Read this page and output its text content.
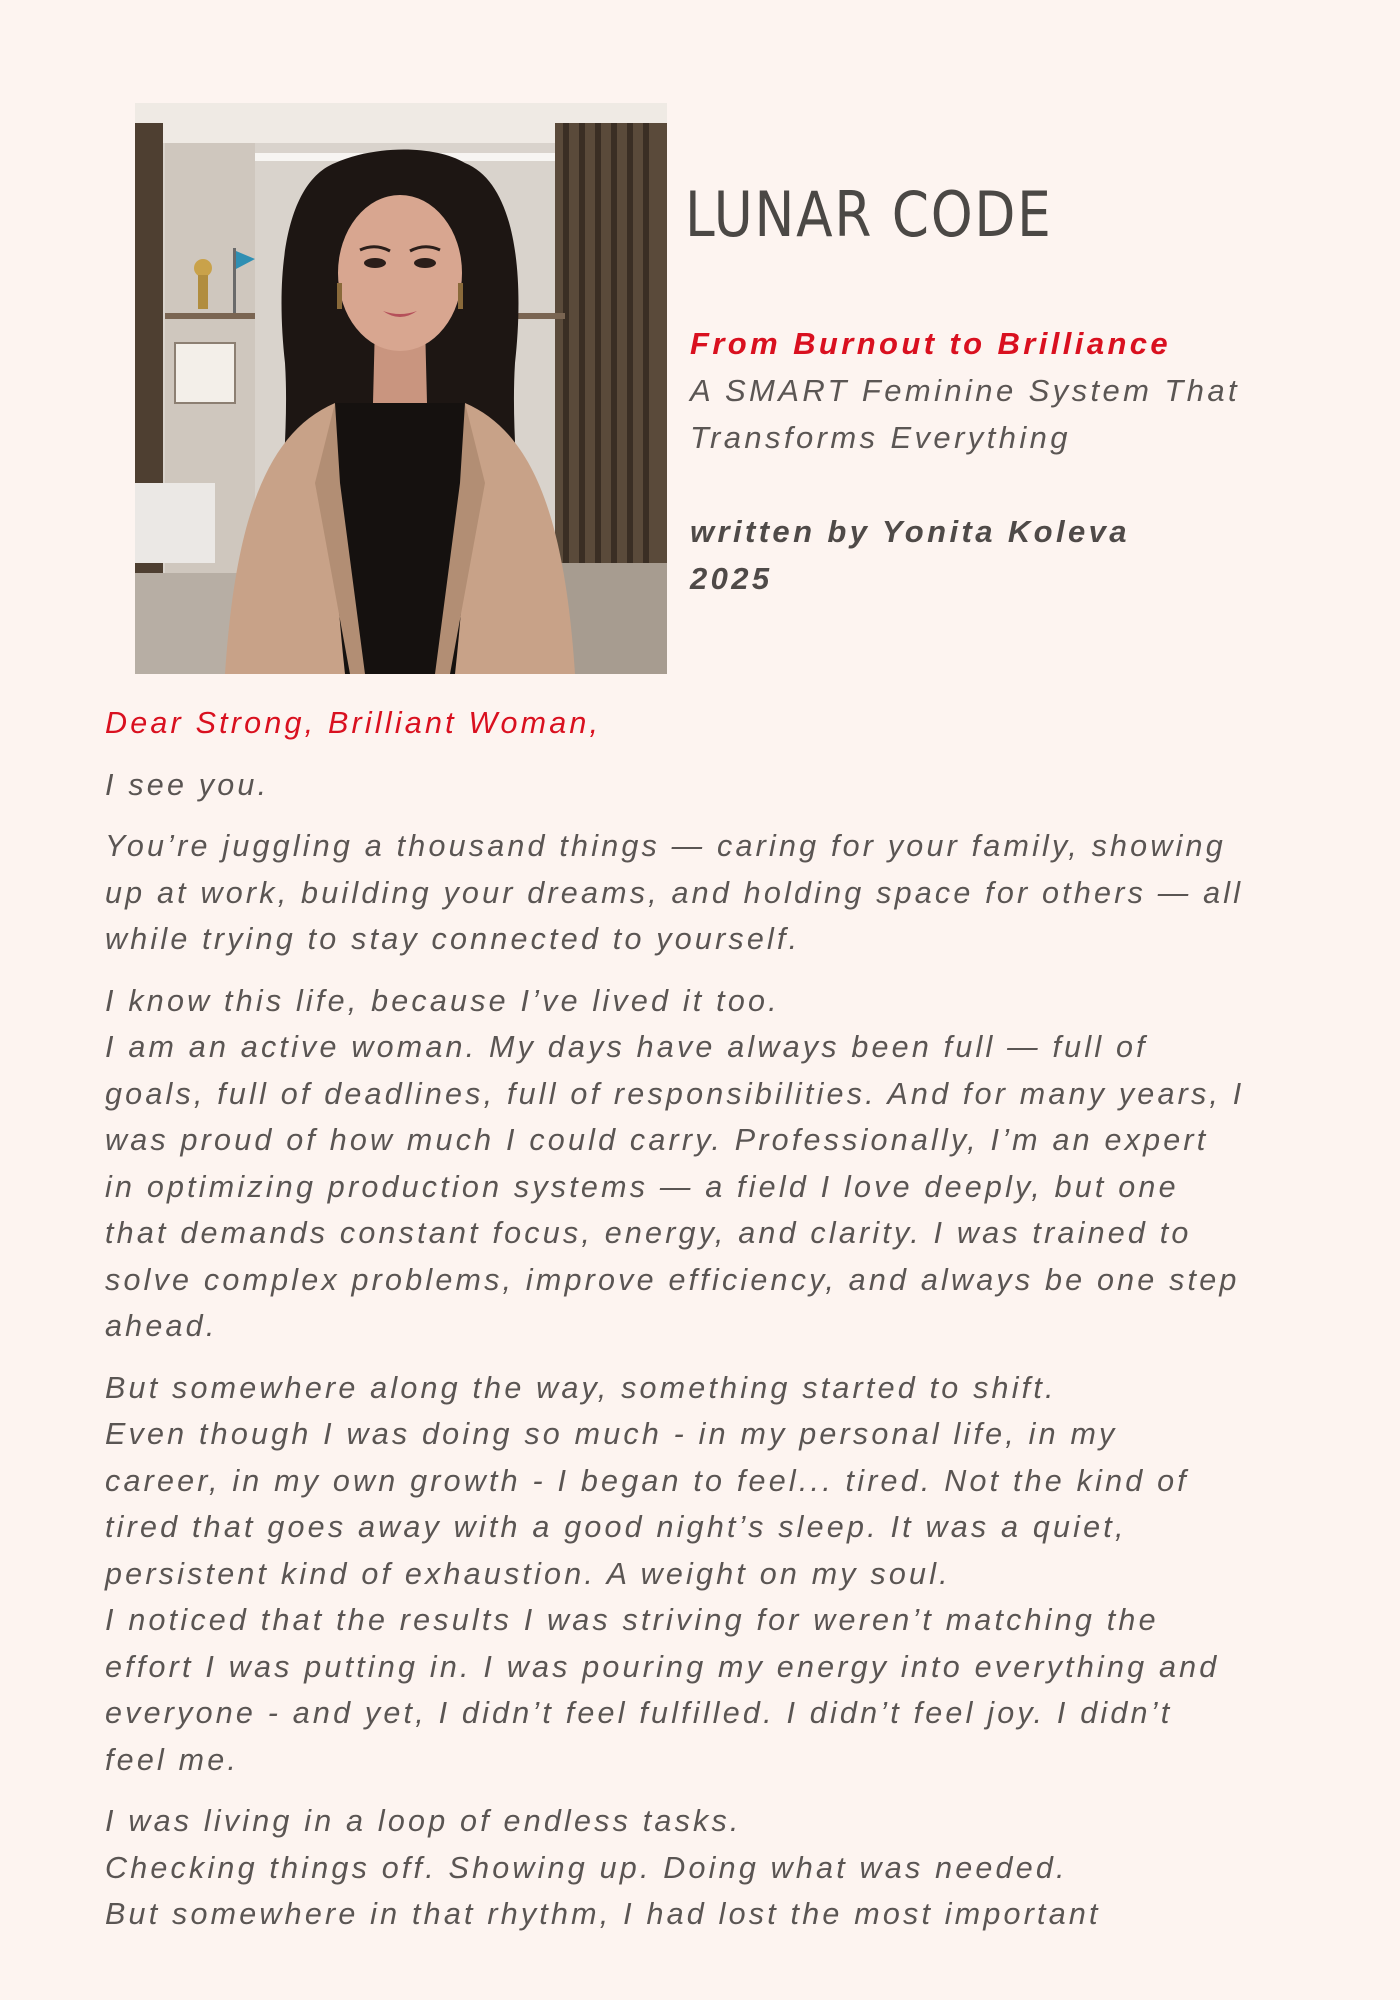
LUNAR CODE
From Burnout to Brilliance
A SMART Feminine System That
Transforms Everything
written by Yonita Koleva
2025

Dear Strong, Brilliant Woman,

I see you.

You’re juggling a thousand things — caring for your family, showing
up at work, building your dreams, and holding space for others — all
while trying to stay connected to yourself.

I know this life, because I’ve lived it too.
I am an active woman. My days have always been full — full of
goals, full of deadlines, full of responsibilities. And for many years, I
was proud of how much I could carry. Professionally, I’m an expert
in optimizing production systems — a field I love deeply, but one
that demands constant focus, energy, and clarity. I was trained to
solve complex problems, improve efficiency, and always be one step
ahead.

But somewhere along the way, something started to shift.
Even though I was doing so much - in my personal life, in my
career, in my own growth - I began to feel... tired. Not the kind of
tired that goes away with a good night’s sleep. It was a quiet,
persistent kind of exhaustion. A weight on my soul.
I noticed that the results I was striving for weren’t matching the
effort I was putting in. I was pouring my energy into everything and
everyone - and yet, I didn’t feel fulfilled. I didn’t feel joy. I didn’t
feel me.

I was living in a loop of endless tasks.
Checking things off. Showing up. Doing what was needed.
But somewhere in that rhythm, I had lost the most important
